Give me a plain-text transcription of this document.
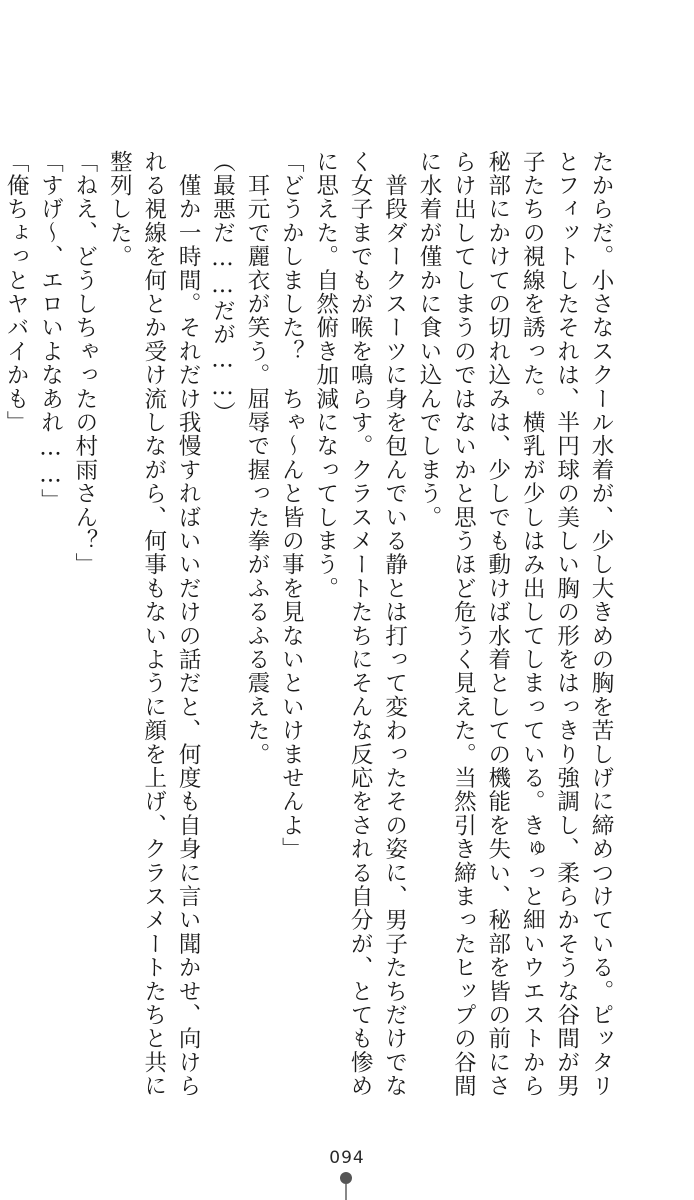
たからだ。小さなスクール水着が、少し大きめの胸を苦しげに締めつけている。ピッタリ
とフィットしたそれは、半円球の美しい胸の形をはっきり強調し、柔らかそうな谷間が男
子たちの視線を誘った。横乳が少しはみ出してしまっている。きゅっと細いウエストから
秘部にかけての切れ込みは、少しでも動けば水着としての機能を失い、秘部を皆の前にさ
らけ出してしまうのではないかと思うほど危うく見えた。当然引き締まったヒップの谷間
に水着が僅かに食い込んでしまう。
　普段ダークスーツに身を包んでいる静とは打って変わったその姿に、男子たちだけでな
く女子までもが喉を鳴らす。クラスメートたちにそんな反応をされる自分が、とても惨め
に思えた。自然俯き加減になってしまう。
「どうかしました？　ちゃ〜んと皆の事を見ないといけませんよ」
　耳元で麗衣が笑う。屈辱で握った拳がふるふる震えた。
（最悪だ……だが……）
　僅か一時間。それだけ我慢すればいいだけの話だと、何度も自身に言い聞かせ、向けら
れる視線を何とか受け流しながら、何事もないように顔を上げ、クラスメートたちと共に
整列した。
「ねえ、どうしちゃったの村雨さん？」
「すげ〜、エロいよなあれ……」
「俺ちょっとヤバイかも」
094
